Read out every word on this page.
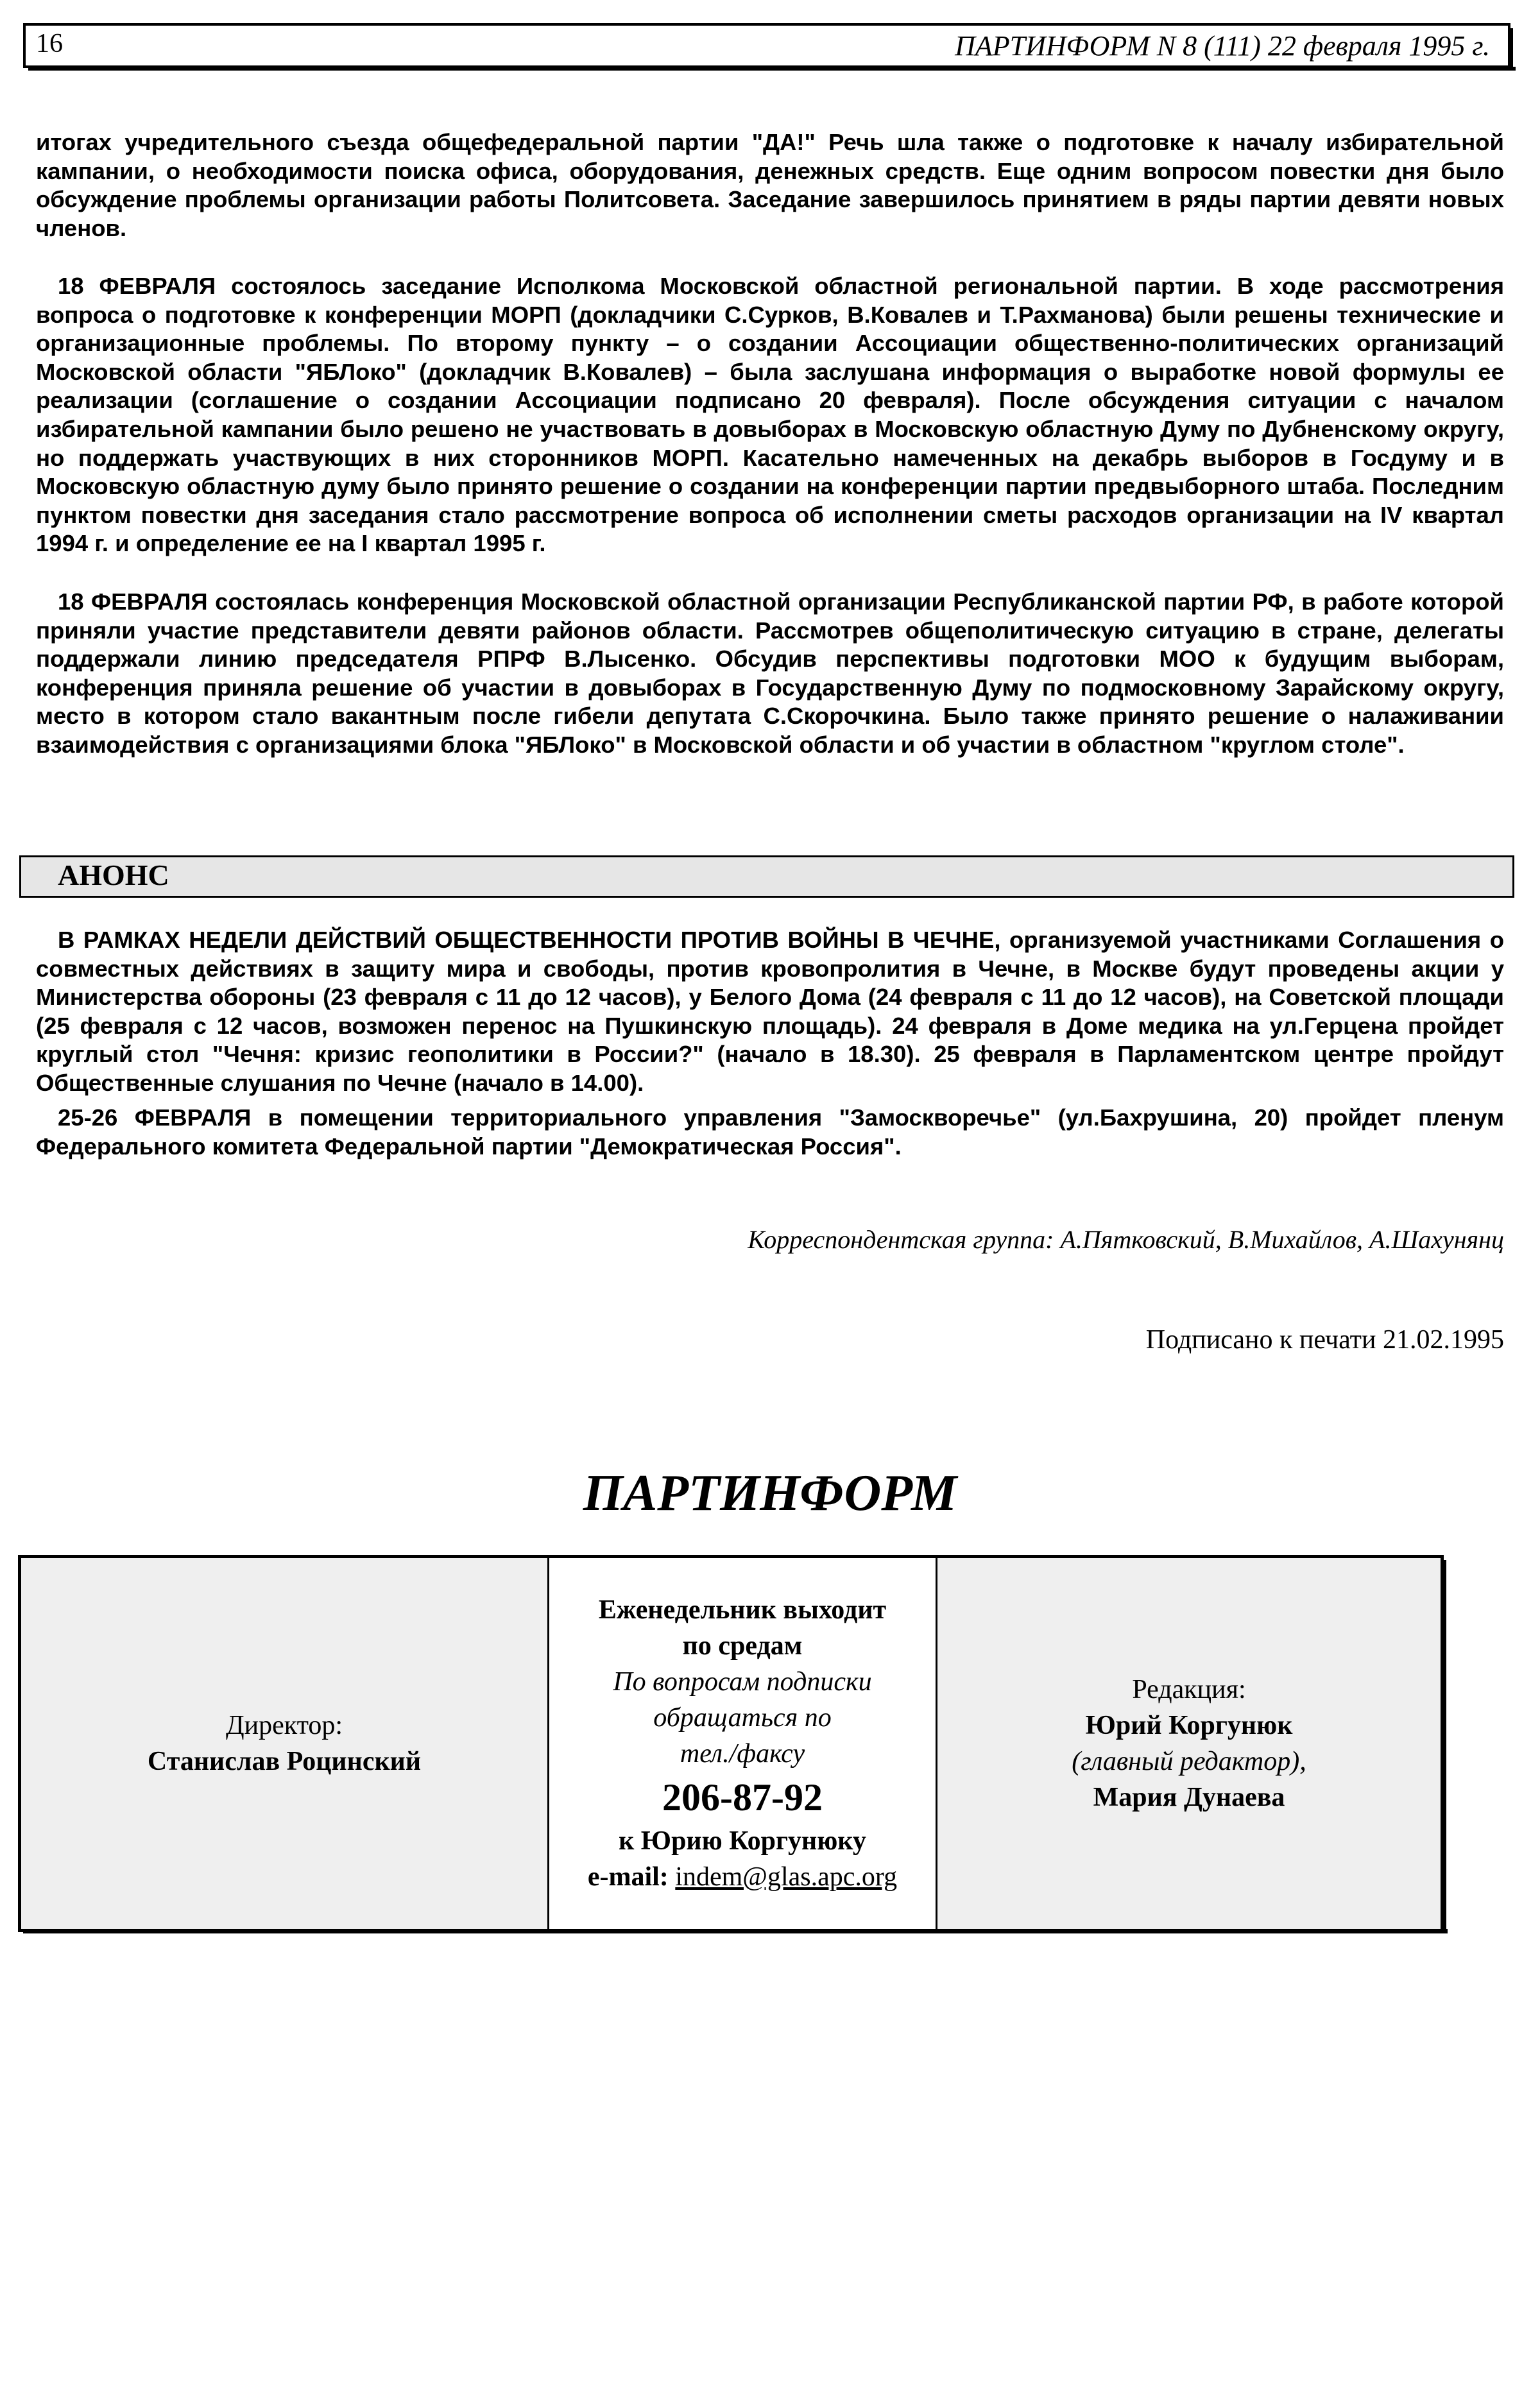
16	ПАРТИНФОРМ N 8 (111) 22 февраля 1995 г.

итогах учредительного съезда общефедеральной партии "ДА!" Речь шла также о подготовке к началу избирательной кампании, о необходимости поиска офиса, оборудования, денежных средств. Еще одним вопросом повестки дня было обсуждение проблемы организации работы Политсовета. Заседание завершилось принятием в ряды партии девяти новых членов.

18 ФЕВРАЛЯ состоялось заседание Исполкома Московской областной региональной партии. В ходе рассмотрения вопроса о подготовке к конференции МОРП (докладчики С.Сурков, В.Ковалев и Т.Рахманова) были решены технические и организационные проблемы. По второму пункту – о создании Ассоциации общественно-политических организаций Московской области "ЯБЛоко" (докладчик В.Ковалев) – была заслушана информация о выработке новой формулы ее реализации (соглашение о создании Ассоциации подписано 20 февраля). После обсуждения ситуации с началом избирательной кампании было решено не участвовать в довыборах в Московскую областную Думу по Дубненскому округу, но поддержать участвующих в них сторонников МОРП. Касательно намеченных на декабрь выборов в Госдуму и в Московскую областную думу было принято решение о создании на конференции партии предвыборного штаба. Последним пунктом повестки дня заседания стало рассмотрение вопроса об исполнении сметы расходов организации на IV квартал 1994 г. и определение ее на I квартал 1995 г.

18 ФЕВРАЛЯ состоялась конференция Московской областной организации Республиканской партии РФ, в работе которой приняли участие представители девяти районов области. Рассмотрев общеполитическую ситуацию в стране, делегаты поддержали линию председателя РПРФ В.Лысенко. Обсудив перспективы подготовки МОО к будущим выборам, конференция приняла решение об участии в довыборах в Государственную Думу по подмосковному Зарайскому округу, место в котором стало вакантным после гибели депутата С.Скорочкина. Было также принято решение о налаживании взаимодействия с организациями блока "ЯБЛоко" в Московской области и об участии в областном "круглом столе".

АНОНС

В РАМКАХ НЕДЕЛИ ДЕЙСТВИЙ ОБЩЕСТВЕННОСТИ ПРОТИВ ВОЙНЫ В ЧЕЧНЕ, организуемой участниками Соглашения о совместных действиях в защиту мира и свободы, против кровопролития в Чечне, в Москве будут проведены акции у Министерства обороны (23 февраля с 11 до 12 часов), у Белого Дома (24 февраля с 11 до 12 часов), на Советской площади (25 февраля с 12 часов, возможен перенос на Пушкинскую площадь). 24 февраля в Доме медика на ул.Герцена пройдет круглый стол "Чечня: кризис геополитики в России?" (начало в 18.30). 25 февраля в Парламентском центре пройдут Общественные слушания по Чечне (начало в 14.00).

25-26 ФЕВРАЛЯ в помещении территориального управления "Замоскворечье" (ул.Бахрушина, 20) пройдет пленум Федерального комитета Федеральной партии "Демократическая Россия".

Корреспондентская группа: А.Пятковский, В.Михайлов, А.Шахунянц
Подписано к печати 21.02.1995
ПАРТИНФОРМ
Директор:
Станислав Роцинский
Еженедельник выходит
по средам
По вопросам подписки
обращаться по
тел./факсу
206-87-92
к Юрию Коргунюку
e-mail: indem@glas.apc.org
Редакция:
Юрий Коргунюк
(главный редактор),
Мария Дунаева
